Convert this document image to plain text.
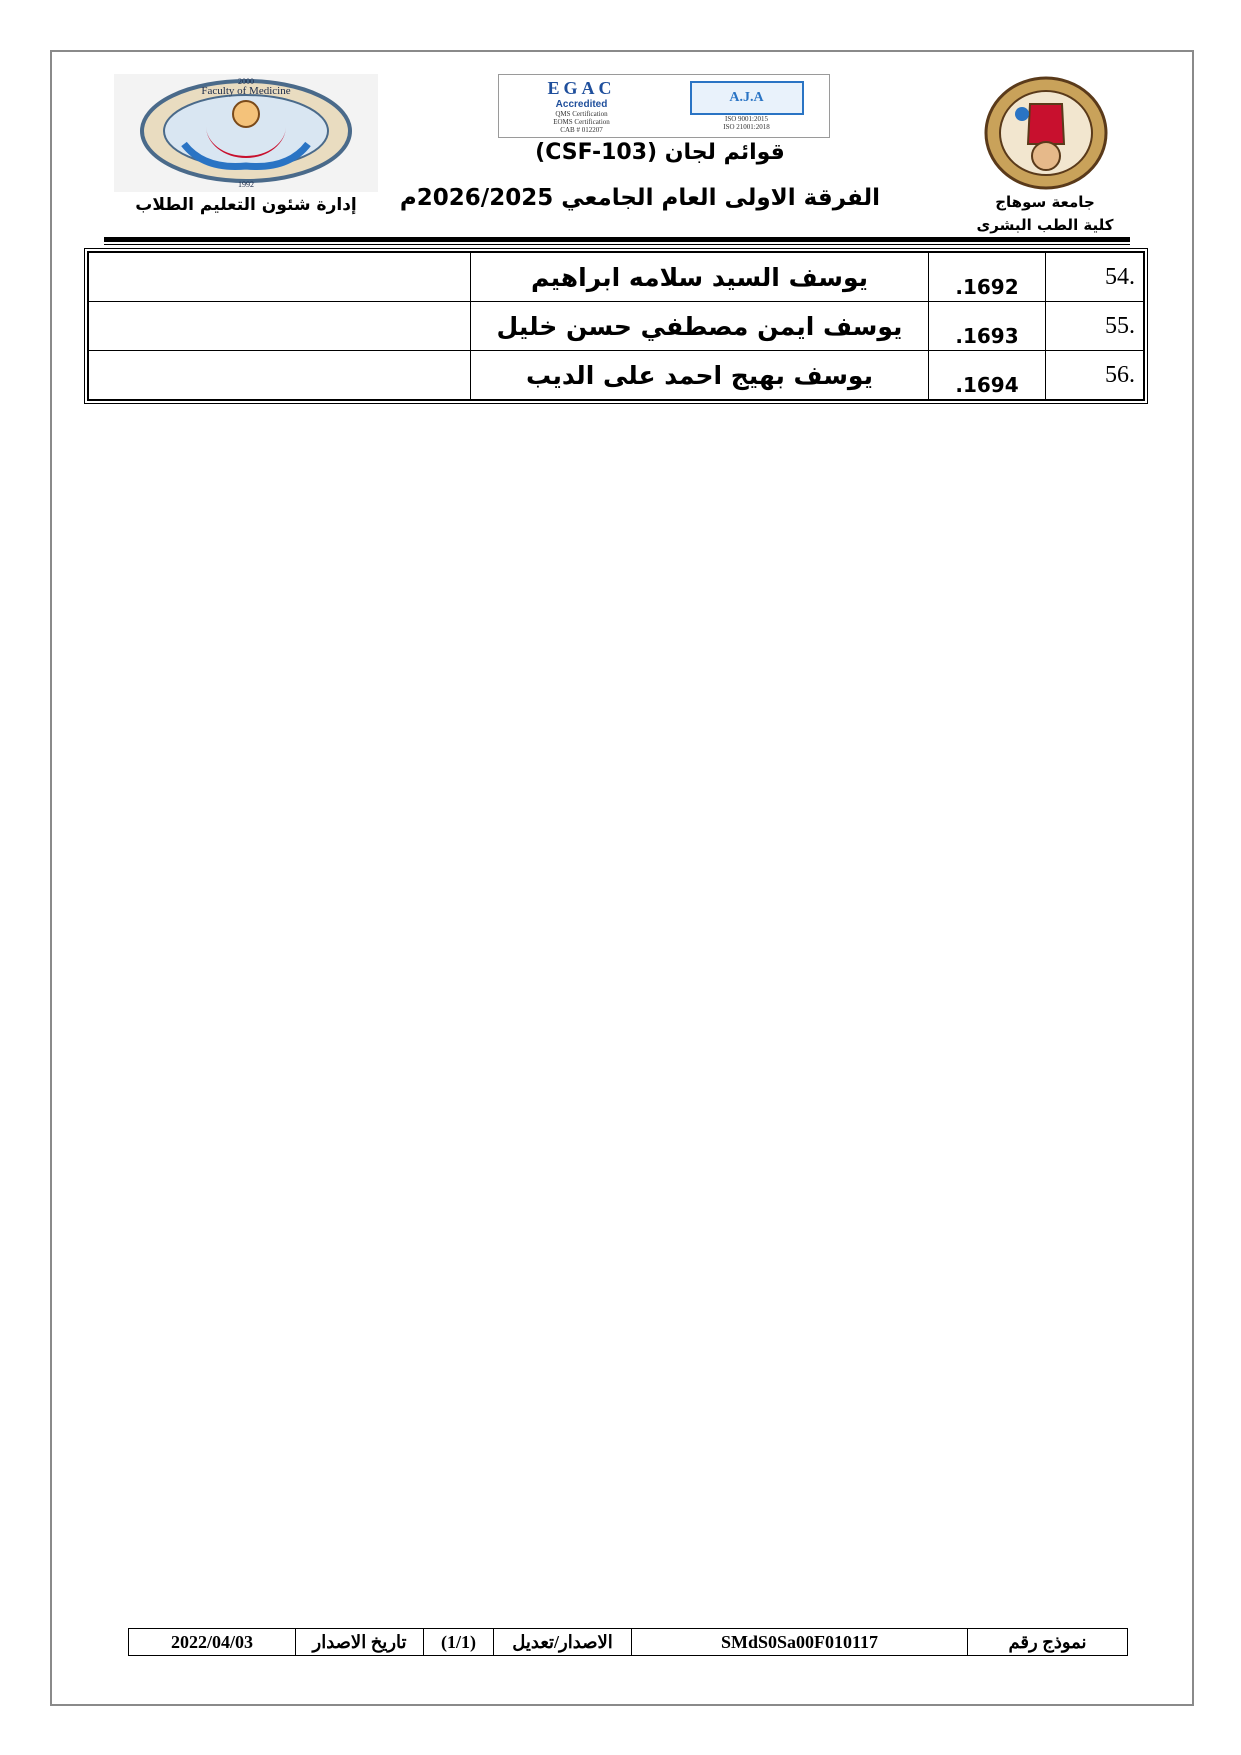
Faculty of Medicine
2000
1992
EGAC
Accredited
QMS Certification
EOMS Certification
CAB # 012207
A.J.A
ISO 9001:2015
ISO 21001:2018
إدارة شئون التعليم الطلاب
قوائم لجان (CSF-103)
الفرقة الاولى العام الجامعي 2026/2025م	جامعة سوهاج
كلية الطب البشرى
	يوسف السيد سلامه ابراهيم	.1692	54.
	يوسف ايمن مصطفي حسن خليل	.1693	55.
	يوسف بهيج احمد على الديب	.1694	56.
نموذج رقم
SMdS0Sa00F010117
الاصدار/تعديل
(1/1)
تاريخ الاصدار
2022/04/03
